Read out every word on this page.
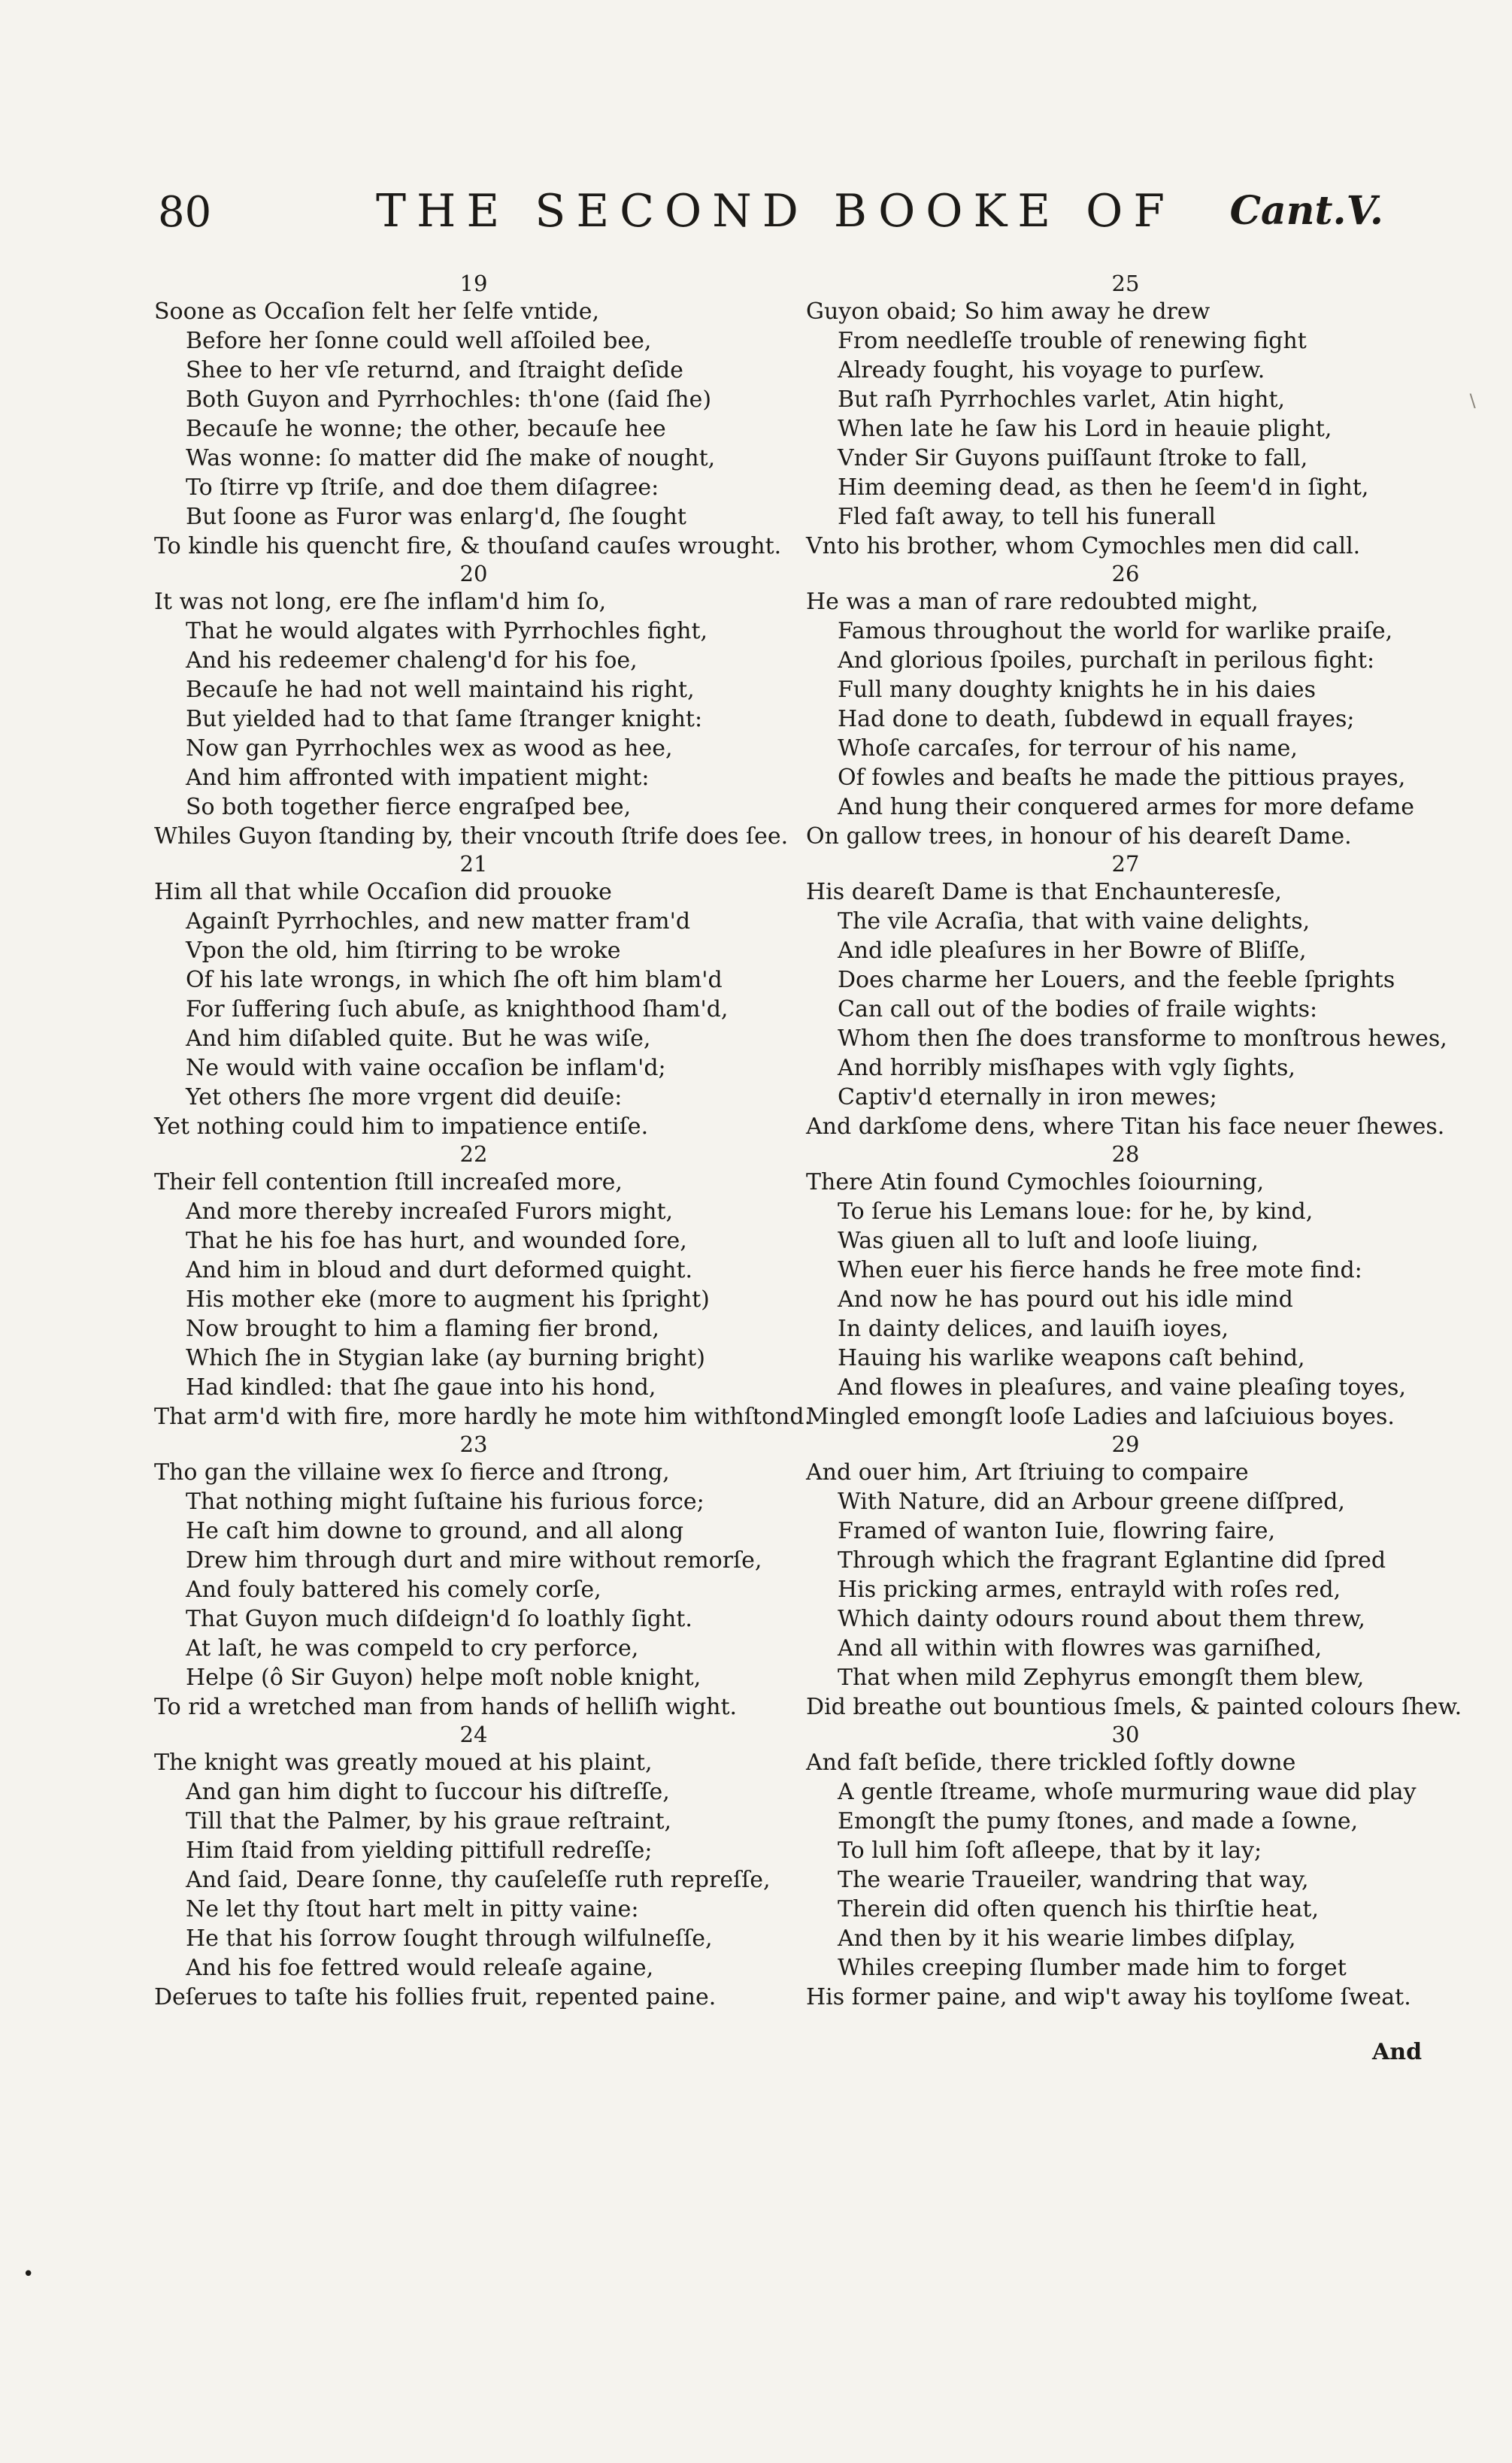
80	THE SECOND BOOKE OF	Cant.V.
19
Soone as Occaſion felt her ſelfe vntide,
Before her ſonne could well aſſoiled bee,
Shee to her vſe returnd, and ſtraight deſide
Both Guyon and Pyrrhochles: th'one (ſaid ſhe)
Becauſe he wonne; the other, becauſe hee
Was wonne: ſo matter did ſhe make of nought,
To ſtirre vp ſtriſe, and doe them diſagree:
But ſoone as Furor was enlarg'd, ſhe ſought
To kindle his quencht fire, & thouſand cauſes wrought.
20
It was not long, ere ſhe inflam'd him ſo,
That he would algates with Pyrrhochles fight,
And his redeemer chaleng'd for his foe,
Becauſe he had not well maintaind his right,
But yielded had to that ſame ſtranger knight:
Now gan Pyrrhochles wex as wood as hee,
And him affronted with impatient might:
So both together fierce engraſped bee,
Whiles Guyon ſtanding by, their vncouth ſtrife does ſee.
21
Him all that while Occaſion did prouoke
Againſt Pyrrhochles, and new matter fram'd
Vpon the old, him ſtirring to be wroke
Of his late wrongs, in which ſhe oft him blam'd
For ſuffering ſuch abuſe, as knighthood ſham'd,
And him diſabled quite. But he was wiſe,
Ne would with vaine occaſion be inflam'd;
Yet others ſhe more vrgent did deuiſe:
Yet nothing could him to impatience entiſe.
22
Their fell contention ſtill increaſed more,
And more thereby increaſed Furors might,
That he his foe has hurt, and wounded ſore,
And him in bloud and durt deformed quight.
His mother eke (more to augment his ſpright)
Now brought to him a flaming fier brond,
Which ſhe in Stygian lake (ay burning bright)
Had kindled: that ſhe gaue into his hond,
That arm'd with fire, more hardly he mote him withſtond.
23
Tho gan the villaine wex ſo fierce and ſtrong,
That nothing might ſuſtaine his furious force;
He caſt him downe to ground, and all along
Drew him through durt and mire without remorſe,
And fouly battered his comely corſe,
That Guyon much diſdeign'd ſo loathly ſight.
At laſt, he was compeld to cry perforce,
Helpe (ô Sir Guyon) helpe moſt noble knight,
To rid a wretched man from hands of helliſh wight.
24
The knight was greatly moued at his plaint,
And gan him dight to ſuccour his diſtreſſe,
Till that the Palmer, by his graue reſtraint,
Him ſtaid from yielding pittifull redreſſe;
And ſaid, Deare ſonne, thy cauſeleſſe ruth repreſſe,
Ne let thy ſtout hart melt in pitty vaine:
He that his ſorrow ſought through wilfulneſſe,
And his foe fettred would releaſe againe,
Deſerues to taſte his follies fruit, repented paine.
25
Guyon obaid; So him away he drew
From needleſſe trouble of renewing fight
Already fought, his voyage to purſew.
But raſh Pyrrhochles varlet, Atin hight,
When late he ſaw his Lord in heauie plight,
Vnder Sir Guyons puiſſaunt ſtroke to fall,
Him deeming dead, as then he ſeem'd in ſight,
Fled faſt away, to tell his funerall
Vnto his brother, whom Cymochles men did call.
26
He was a man of rare redoubted might,
Famous throughout the world for warlike praiſe,
And glorious ſpoiles, purchaſt in perilous fight:
Full many doughty knights he in his daies
Had done to death, ſubdewd in equall frayes;
Whoſe carcaſes, for terrour of his name,
Of fowles and beaſts he made the pittious prayes,
And hung their conquered armes for more defame
On gallow trees, in honour of his deareſt Dame.
27
His deareſt Dame is that Enchaunteresſe,
The vile Acraſia, that with vaine delights,
And idle pleaſures in her Bowre of Bliſſe,
Does charme her Louers, and the feeble ſprights
Can call out of the bodies of fraile wights:
Whom then ſhe does transforme to monſtrous hewes,
And horribly misſhapes with vgly ſights,
Captiv'd eternally in iron mewes;
And darkſome dens, where Titan his face neuer ſhewes.
28
There Atin found Cymochles ſoiourning,
To ſerue his Lemans loue: for he, by kind,
Was giuen all to luſt and looſe liuing,
When euer his fierce hands he free mote find:
And now he has pourd out his idle mind
In dainty delices, and lauiſh ioyes,
Hauing his warlike weapons caſt behind,
And flowes in pleaſures, and vaine pleaſing toyes,
Mingled emongſt looſe Ladies and laſciuious boyes.
29
And ouer him, Art ſtriuing to compaire
With Nature, did an Arbour greene diſſpred,
Framed of wanton Iuie, flowring faire,
Through which the fragrant Eglantine did ſpred
His pricking armes, entrayld with roſes red,
Which dainty odours round about them threw,
And all within with flowres was garniſhed,
That when mild Zephyrus emongſt them blew,
Did breathe out bountious ſmels, & painted colours ſhew.
30
And faſt beſide, there trickled ſoftly downe
A gentle ſtreame, whoſe murmuring waue did play
Emongſt the pumy ſtones, and made a ſowne,
To lull him ſoft aſleepe, that by it lay;
The wearie Traueiler, wandring that way,
Therein did often quench his thirſtie heat,
And then by it his wearie limbes diſplay,
Whiles creeping ſlumber made him to forget
His former paine, and wip't away his toylſome ſweat.
And
•
∖
